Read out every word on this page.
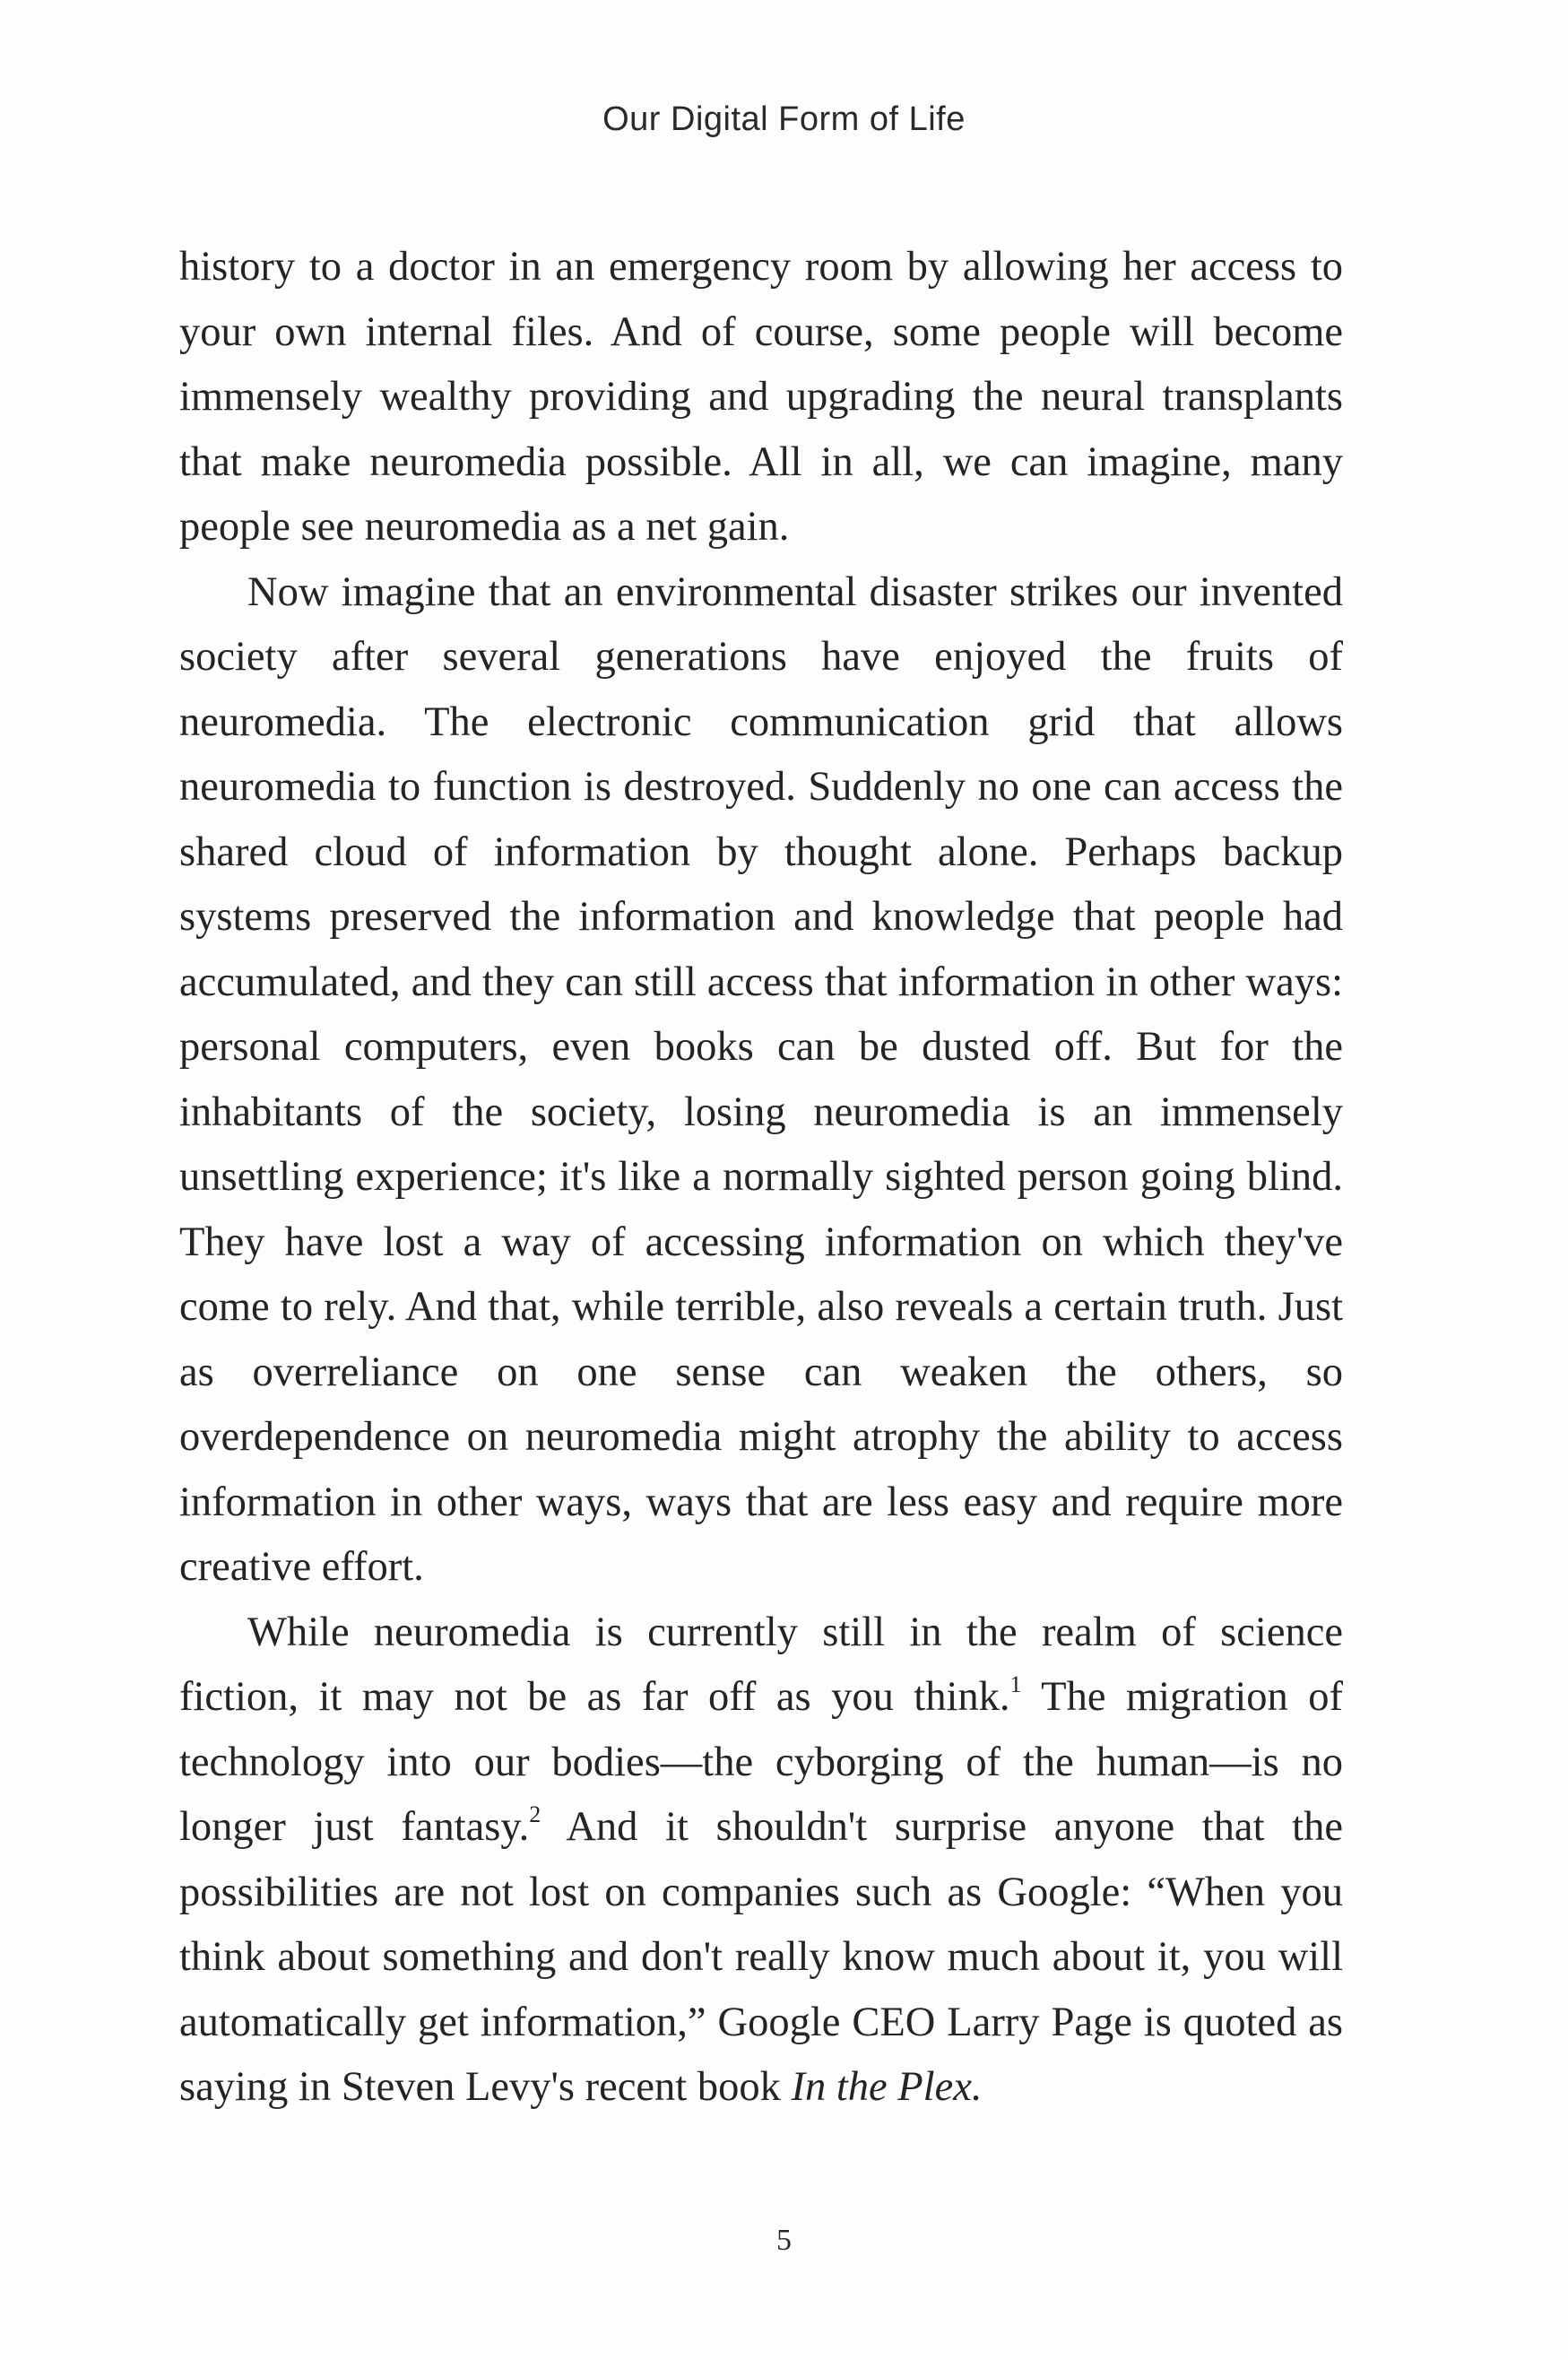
Our Digital Form of Life

history to a doctor in an emergency room by allowing her access to your own internal files. And of course, some people will become immensely wealthy providing and upgrading the neural transplants that make neuromedia possible. All in all, we can imagine, many people see neuromedia as a net gain.

Now imagine that an environmental disaster strikes our invented society after several generations have enjoyed the fruits of neuromedia. The electronic communication grid that allows neuromedia to function is destroyed. Suddenly no one can access the shared cloud of information by thought alone. Perhaps backup systems preserved the information and knowledge that people had accumulated, and they can still access that information in other ways: personal computers, even books can be dusted off. But for the inhabitants of the society, losing neuromedia is an immensely unsettling experience; it's like a normally sighted person going blind. They have lost a way of accessing information on which they've come to rely. And that, while terrible, also reveals a certain truth. Just as overreliance on one sense can weaken the others, so overdependence on neuromedia might atrophy the ability to access information in other ways, ways that are less easy and require more creative effort.

While neuromedia is currently still in the realm of science fiction, it may not be as far off as you think.$^1$ The migration of technology into our bodies—the cyborging of the human—is no longer just fantasy.$^2$ And it shouldn't surprise anyone that the possibilities are not lost on companies such as Google: “When you think about something and don't really know much about it, you will automatically get information,” Google CEO Larry Page is quoted as saying in Steven Levy's recent book In the Plex.

5
